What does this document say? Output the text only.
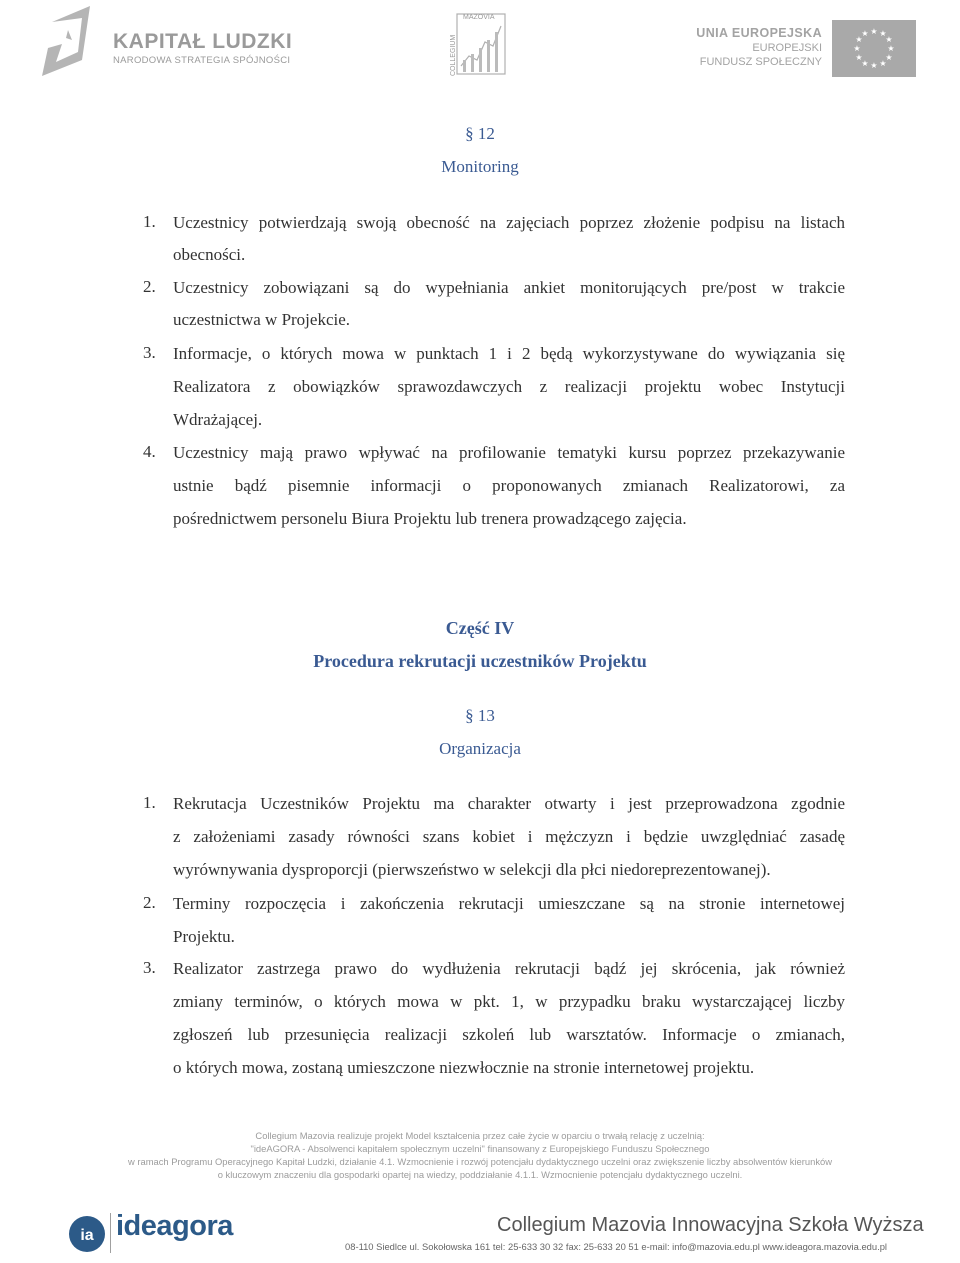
KAPITAŁ LUDZKI
NARODOWA STRATEGIA SPÓJNOŚCI	COLLEGIUM
MAZOVIA
UNIA EUROPEJSKA
EUROPEJSKI
FUNDUSZ SPOŁECZNY
★ ★
★
★
★
★
★
★
★
★
★
★
§ 12
Monitoring
1. Uczestnicy potwierdzają swoją obecność na zajęciach poprzez złożenie podpisu na listach
obecności.
2. Uczestnicy zobowiązani są do wypełniania ankiet monitorujących pre/post w trakcie
uczestnictwa w Projekcie.
3. Informacje, o których mowa w punktach 1 i 2 będą wykorzystywane do wywiązania się
Realizatora z obowiązków sprawozdawczych z realizacji projektu wobec Instytucji
Wdrażającej.
4. Uczestnicy mają prawo wpływać na profilowanie tematyki kursu poprzez przekazywanie
ustnie bądź pisemnie informacji o proponowanych zmianach Realizatorowi, za
pośrednictwem personelu Biura Projektu lub trenera prowadzącego zajęcia.
Część IV
Procedura rekrutacji uczestników Projektu
§ 13
Organizacja
1. Rekrutacja Uczestników Projektu ma charakter otwarty i jest przeprowadzona zgodnie
z założeniami zasady równości szans kobiet i mężczyzn i będzie uwzględniać zasadę
wyrównywania dysproporcji (pierwszeństwo w selekcji dla płci niedoreprezentowanej).
2. Terminy rozpoczęcia i zakończenia rekrutacji umieszczane są na stronie internetowej
Projektu.
3. Realizator zastrzega prawo do wydłużenia rekrutacji bądź jej skrócenia, jak również
zmiany terminów, o których mowa w pkt. 1, w przypadku braku wystarczającej liczby
zgłoszeń lub przesunięcia realizacji szkoleń lub warsztatów. Informacje o zmianach,
o których mowa, zostaną umieszczone niezwłocznie na stronie internetowej projektu.
Collegium Mazovia realizuje projekt Model kształcenia przez całe życie w oparciu o trwałą relację z uczelnią:
"ideAGORA - Absolwenci kapitałem społecznym uczelni" finansowany z Europejskiego Funduszu Społecznego
w ramach Programu Operacyjnego Kapitał Ludzki, działanie 4.1. Wzmocnienie i rozwój potencjału dydaktycznego uczelni oraz zwiększenie liczby absolwentów kierunków
o kluczowym znaczeniu dla gospodarki opartej na wiedzy, poddziałanie 4.1.1. Wzmocnienie potencjału dydaktycznego uczelni.
ia ideagora	Collegium Mazovia Innowacyjna Szkoła Wyższa
08-110 Siedlce ul. Sokołowska 161 tel: 25-633 30 32 fax: 25-633 20 51 e-mail: info@mazovia.edu.pl www.ideagora.mazovia.edu.pl
